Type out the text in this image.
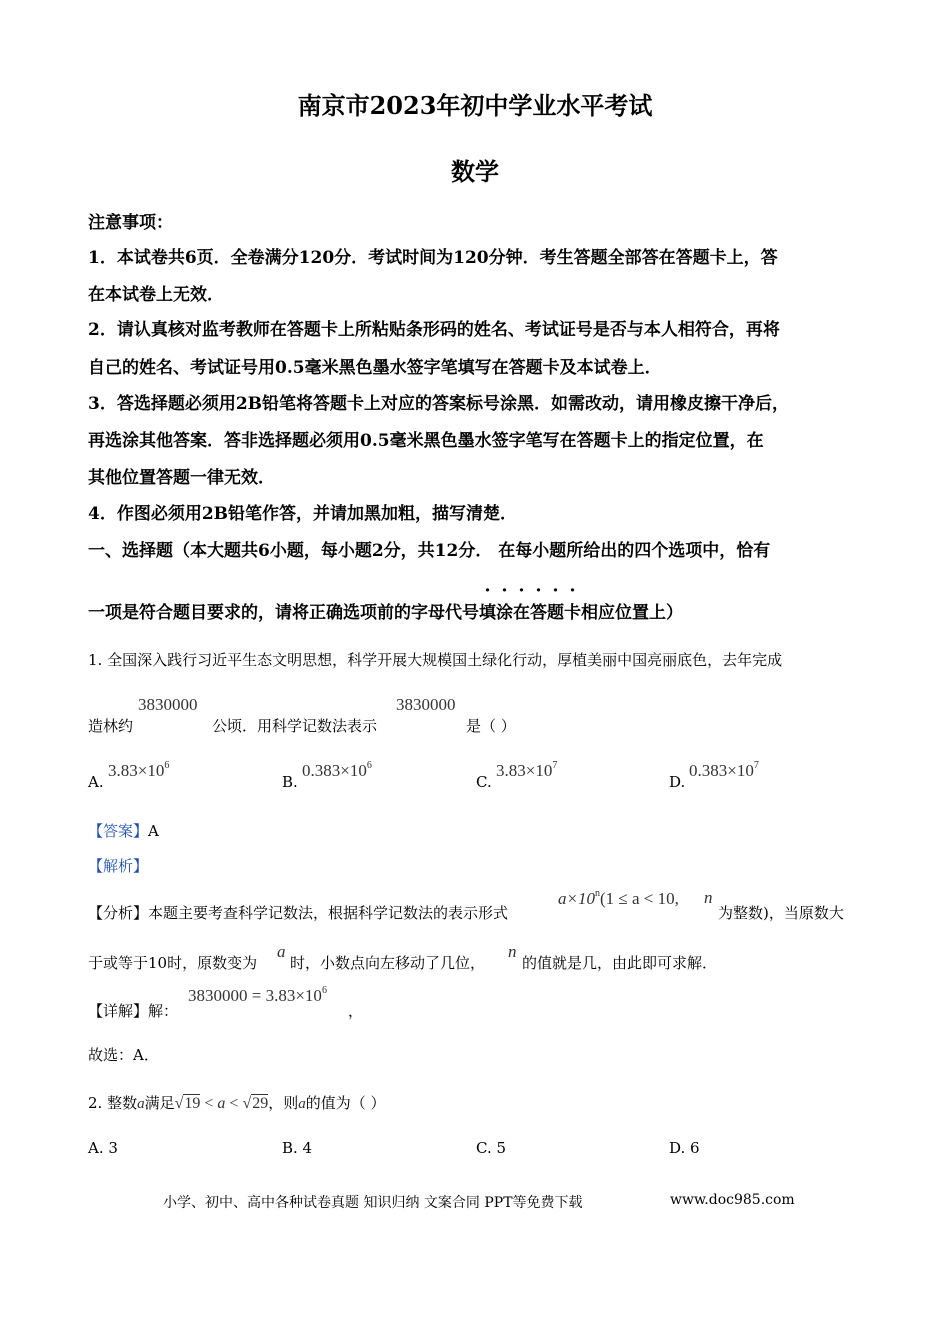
南京市2023年初中学业水平考试
数学
注意事项：
1．本试卷共6页．全卷满分120分．考试时间为120分钟．考生答题全部答在答题卡上，答
在本试卷上无效．
2．请认真核对监考教师在答题卡上所粘贴条形码的姓名、考试证号是否与本人相符合，再将
自己的姓名、考试证号用0.5毫米黑色墨水签字笔填写在答题卡及本试卷上．
3．答选择题必须用2B铅笔将答题卡上对应的答案标号涂黑．如需改动，请用橡皮擦干净后，
再选涂其他答案．答非选择题必须用0.5毫米黑色墨水签字笔写在答题卡上的指定位置，在
其他位置答题一律无效．
4．作图必须用2B铅笔作答，并请加黑加粗，描写清楚．
一、选择题（本大题共6小题，每小题2分，共12分． 在每小题所给出的四个选项中，恰有
一项是符合题目要求的，请将正确选项前的字母代号填涂在答题卡相应位置上）
1. 全国深入践行习近平生态文明思想，科学开展大规模国土绿化行动，厚植美丽中国亮丽底色，去年完成
造林约
3830000
公顷．用科学记数法表示
3830000
是（ ）
A.
$3.83\times 10^6$
B.
$0.383\times 10^6$
C.
$3.83\times 10^7$
D.
$0.383\times 10^7$
【答案】A
【解析】
【分析】本题主要考查科学记数法，根据科学记数法的表示形式
$a\times 10^n(1 \le a < 10$, n
为整数)，当原数大
于或等于10时，原数变为
a
时，小数点向左移动了几位，
n
的值就是几，由此即可求解．
【详解】解：
$3830000 = 3.83\times 10^6$
，
故选：A．
2. 整数a满足√19 < a < √29，则a的值为（ ）
A. 3	B. 4	C. 5	D. 6
小学、初中、高中各种试卷真题 知识归纳 文案合同 PPT等免费下载	www.doc985.com
